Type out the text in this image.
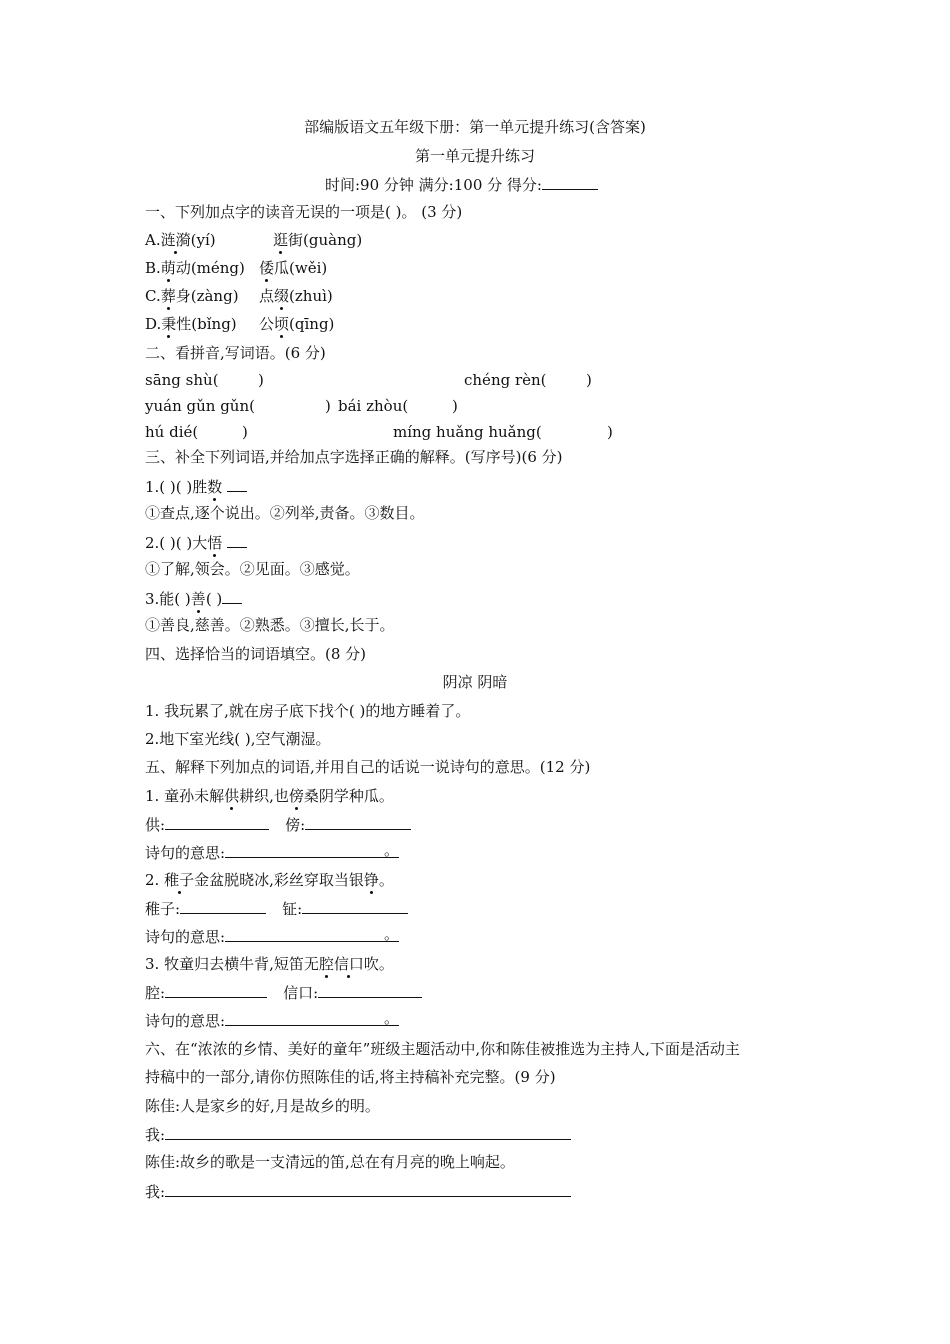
部编版语文五年级下册：第一单元提升练习(含答案)
第一单元提升练习
时间:90 分钟 满分:100 分 得分:
一、下列加点字的读音无误的一项是( )。 (3 分)
A.涟漪(yí)	逛街(guàng)
B.萌动(méng) 倭瓜(wěi)
C.葬身(zàng) 点缀(zhuì)
D.秉性(bǐng) 公顷(qīng)
二、看拼音,写词语。(6 分)
sāng shù(	)	chéng rèn(	)
yuán gǔn gǔn(	) bái zhòu(	)
hú dié(	)	míng huǎng huǎng(	)
三、补全下列词语,并给加点字选择正确的解释。(写序号)(6 分)
1.( )( )胜数
①查点,逐个说出。②列举,责备。③数目。
2.( )( )大悟
①了解,领会。②见面。③感觉。
3.能( )善( )
①善良,慈善。②熟悉。③擅长,长于。
四、选择恰当的词语填空。(8 分)
阴凉 阴暗
1. 我玩累了,就在房子底下找个( )的地方睡着了。
2.地下室光线( ),空气潮湿。
五、解释下列加点的词语,并用自己的话说一说诗句的意思。(12 分)
1. 童孙未解供耕织,也傍桑阴学种瓜。
供:	傍:
诗句的意思:	。
2. 稚子金盆脱晓冰,彩丝穿取当银铮。
稚子:	钲:
诗句的意思:	。
3. 牧童归去横牛背,短笛无腔信口吹。
腔:	信口:
诗句的意思:	。
六、在“浓浓的乡情、美好的童年”班级主题活动中,你和陈佳被推选为主持人,下面是活动主
持稿中的一部分,请你仿照陈佳的话,将主持稿补充完整。(9 分)
陈佳:人是家乡的好,月是故乡的明。
我:
陈佳:故乡的歌是一支清远的笛,总在有月亮的晚上响起。
我:
